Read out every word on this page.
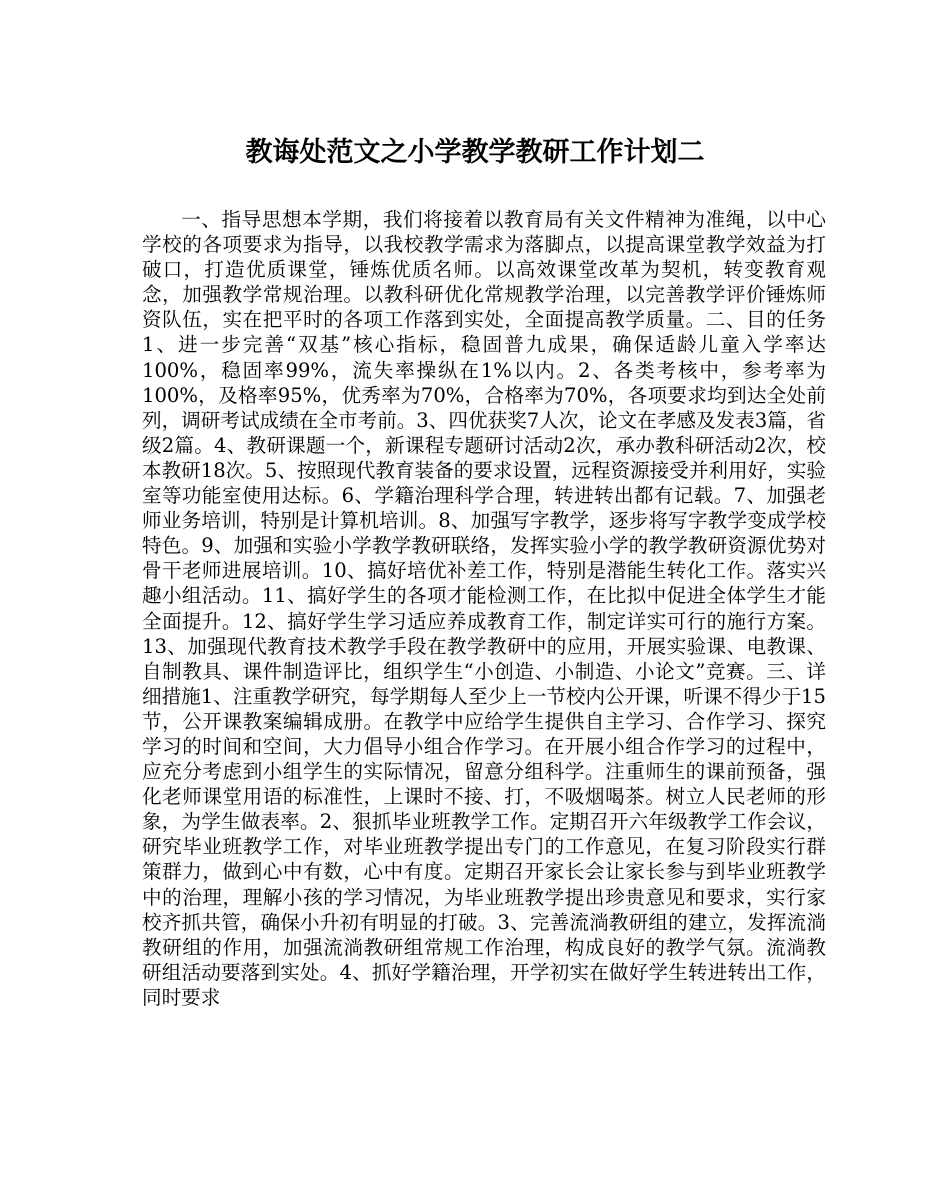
教诲处范文之小学教学教研工作计划二

一、指导思想本学期，我们将接着以教育局有关文件精神为准绳，以中心学校的各项要求为指导，以我校教学需求为落脚点，以提高课堂教学效益为打破口，打造优质课堂，锤炼优质名师。以高效课堂改革为契机，转变教育观念，加强教学常规治理。以教科研优化常规教学治理，以完善教学评价锤炼师资队伍，实在把平时的各项工作落到实处，全面提高教学质量。二、目的任务1、进一步完善“双基”核心指标，稳固普九成果，确保适龄儿童入学率达100%，稳固率99%，流失率操纵在1%以内。2、各类考核中，参考率为100%，及格率95%，优秀率为70%，合格率为70%，各项要求均到达全处前列，调研考试成绩在全市考前。3、四优获奖7人次，论文在孝感及发表3篇，省级2篇。4、教研课题一个，新课程专题研讨活动2次，承办教科研活动2次，校本教研18次。5、按照现代教育装备的要求设置，远程资源接受并利用好，实验室等功能室使用达标。6、学籍治理科学合理，转进转出都有记载。7、加强老师业务培训，特别是计算机培训。8、加强写字教学，逐步将写字教学变成学校特色。9、加强和实验小学教学教研联络，发挥实验小学的教学教研资源优势对骨干老师进展培训。10、搞好培优补差工作，特别是潜能生转化工作。落实兴趣小组活动。11、搞好学生的各项才能检测工作，在比拟中促进全体学生才能全面提升。12、搞好学生学习适应养成教育工作，制定详实可行的施行方案。13、加强现代教育技术教学手段在教学教研中的应用，开展实验课、电教课、自制教具、课件制造评比，组织学生“小创造、小制造、小论文”竞赛。三、详细措施1、注重教学研究，每学期每人至少上一节校内公开课，听课不得少于15节，公开课教案编辑成册。在教学中应给学生提供自主学习、合作学习、探究学习的时间和空间，大力倡导小组合作学习。在开展小组合作学习的过程中，应充分考虑到小组学生的实际情况，留意分组科学。注重师生的课前预备，强化老师课堂用语的标准性，上课时不接、打，不吸烟喝茶。树立人民老师的形象，为学生做表率。2、狠抓毕业班教学工作。定期召开六年级教学工作会议，研究毕业班教学工作，对毕业班教学提出专门的工作意见，在复习阶段实行群策群力，做到心中有数，心中有度。定期召开家长会让家长参与到毕业班教学中的治理，理解小孩的学习情况，为毕业班教学提出珍贵意见和要求，实行家校齐抓共管，确保小升初有明显的打破。3、完善流淌教研组的建立，发挥流淌教研组的作用，加强流淌教研组常规工作治理，构成良好的教学气氛。流淌教研组活动要落到实处。4、抓好学籍治理，开学初实在做好学生转进转出工作，同时要求
